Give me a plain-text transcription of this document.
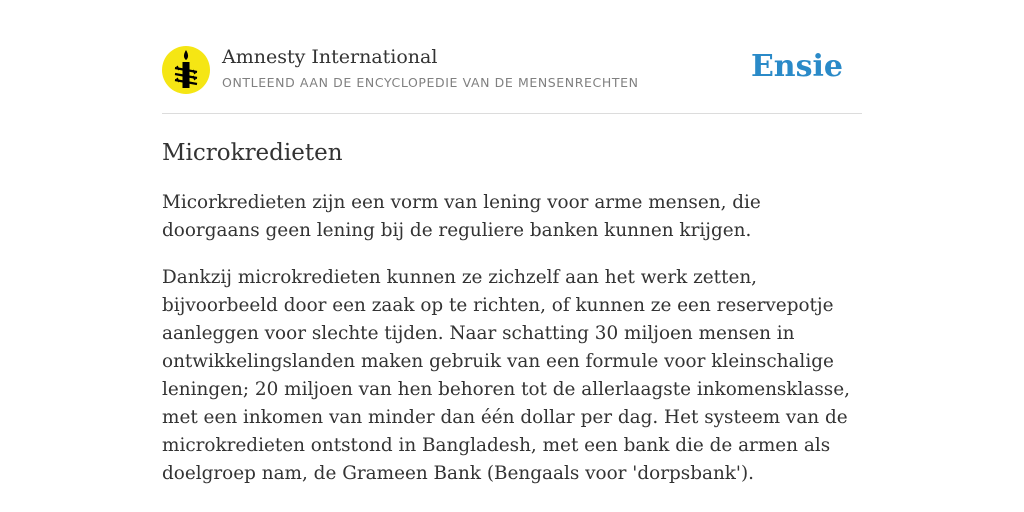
Amnesty International
ONTLEEND AAN DE ENCYCLOPEDIE VAN DE MENSENRECHTEN	Ensie
Microkredieten

Micorkredieten zijn een vorm van lening voor arme mensen, die doorgaans geen lening bij de reguliere banken kunnen krijgen.

Dankzij microkredieten kunnen ze zichzelf aan het werk zetten, bijvoorbeeld door een zaak op te richten, of kunnen ze een reservepotje aanleggen voor slechte tijden. Naar schatting 30 miljoen mensen in ontwikkelingslanden maken gebruik van een formule voor kleinschalige leningen; 20 miljoen van hen behoren tot de allerlaagste inkomensklasse, met een inkomen van minder dan één dollar per dag. Het systeem van de microkredieten ontstond in Bangladesh, met een bank die de armen als doelgroep nam, de Grameen Bank (Bengaals voor 'dorpsbank').
